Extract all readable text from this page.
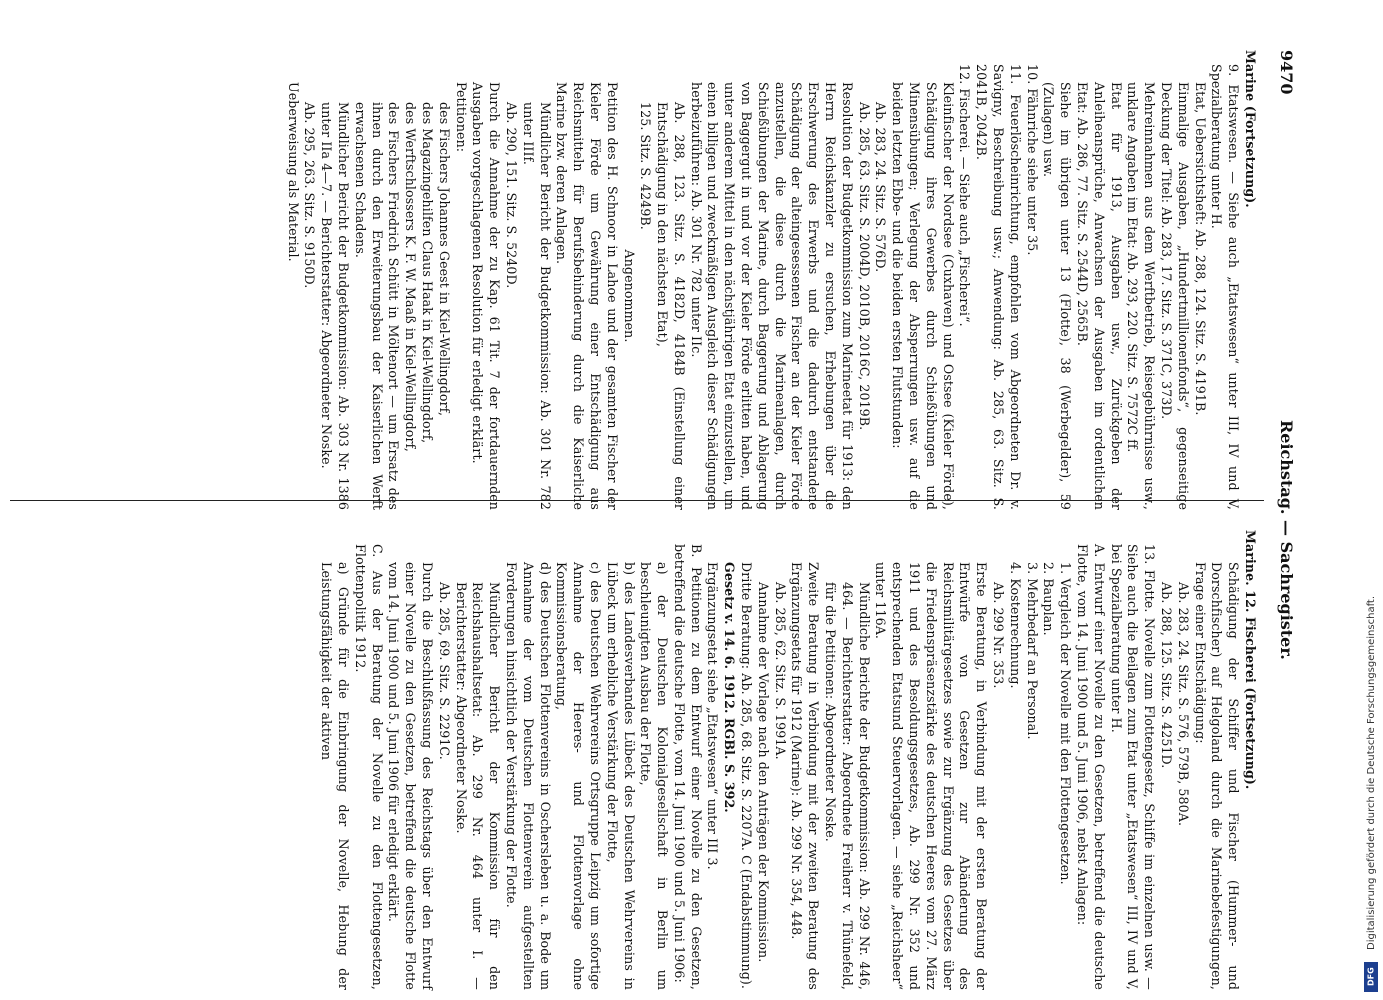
9470
Reichstag. — Sachregister.

Marine (Fortsetzung).

9. Etatswesen. — Siehe auch „Etatswesen“ unter III, IV und V, Spezialberatung unter H.

Etat, Uebersichtsheft: Ab. 288, 124. Sitz. S. 4191B.

Einmalige Ausgaben, „Hundertmillionenfonds“, gegenseitige Deckung der Titel: Ab. 283, 17. Sitz. S. 371C, 373D.

Mehreinnahmen aus dem Werftbetrieb, Reisegebührnisse usw., unklare Angaben im Etat: Ab. 293, 220. Sitz. S. 7572C ff.

Etat für 1913, Ausgaben usw., Zurückgeben der Anleiheansprüche, Anwachsen der Ausgaben im ordentlichen Etat: Ab. 286, 77. Sitz. S. 2544D, 2565B.

Siehe im übrigen unter 13 (Flotte), 38 (Werbegelder), 59 (Zulagen) usw.

10. Fähnriche siehe unter 35.

11. Feuerlöscheinrichtung, empfohlen vom Abgeordneten Dr. v. Savigny, Beschreibung usw.; Anwendung: Ab. 285, 63. Sitz. S. 2041B, 2042B.

12. Fischerei. — Siehe auch „Fischerei“.

Kleinfischer der Nordsee (Cuxhaven) und Ostsee (Kieler Förde), Schädigung ihres Gewerbes durch Schießübungen und Minensübungen; Verlegung der Absperrungen usw. auf die beiden letzten Ebbe- und die beiden ersten Flutstunden:

Ab. 283, 24. Sitz. S. 576D.

Ab. 285, 63. Sitz. S. 2004D, 2010B, 2016C, 2019B.

Resolution der Budgetkommission zum Marineetat für 1913: den Herrn Reichskanzler zu ersuchen, Erhebungen über die Erschwerung des Erwerbs und die dadurch entstandene Schädigung der alteingesessenen Fischer an der Kieler Förde anzustellen, die diese durch die Marineanlagen, durch Schießübungen der Marine, durch Baggerung und Ablagerung von Baggergut in und vor der Kieler Förde erlitten haben, und unter anderem Mittel in den nächstjährigen Etat einzustellen, um einen billigen und zweckmäßigen Ausgleich dieser Schädigungen herbeizuführen: Ab. 301 Nr. 782 unter IIc.

Ab. 288, 123. Sitz. S. 4182D, 4184B (Einstellung einer Entschädigung in den nächsten Etat),

125. Sitz. S. 4249B.

Angenommen.

Petition des H. Schnoor in Lahoe und der gesamten Fischer der Kieler Förde um Gewährung einer Entschädigung aus Reichsmitteln für Berufsbehinderung durch die Kaiserliche Marine bzw. deren Anlagen.

Mündlicher Bericht der Budgetkommission: Ab. 301 Nr. 782 unter IIIf.

Ab. 290, 151. Sitz. S. 5240D.

Durch die Annahme der zu Kap. 61 Tit. 7 der fortdauernden Ausgaben vorgeschlagenen Resolution für erledigt erklärt.

Petitionen:

des Fischers Johannes Geest in Kiel-Wellingdorf,

des Magazingehilfen Claus Haak in Kiel-Wellingdorf,

des Werftschlossers K. F. W. Maaß in Kiel-Wellingdorf,

des Fischers Friedrich Schütt in Möltenort — um Ersatz des ihnen durch den Erweiterungsbau der Kaiserlichen Werft erwachsenen Schadens.

Mündlicher Bericht der Budgetkommission: Ab. 303 Nr. 1386 unter IIa 4—7. — Berichterstatter: Abgeordneter Noske.

Ab. 295, 263. Sitz. S. 9150D.

Ueberweisung als Material.

Marine. 12. Fischerei (Fortsetzung).

Schädigung der Schiffer und Fischer (Hummer- und Dorschfischer) auf Helgoland durch die Marinebefestigungen, Frage einer Entschädigung:

Ab. 283, 24. Sitz. S. 576, 579B, 580A.

Ab. 288, 125. Sitz. S. 4251D.

13. Flotte. Novelle zum Flottengesetz, Schiffe im einzelnen usw. — Siehe auch die Beilagen zum Etat unter „Etatswesen“ III, IV und V, bei Spezialberatung unter H.

A. Entwurf einer Novelle zu den Gesetzen, betreffend die deutsche Flotte, vom 14. Juni 1900 und 5. Juni 1906, nebst Anlagen:

1. Vergleich der Novelle mit den Flottengesetzen.

2. Bauplan.

3. Mehrbedarf an Personal.

4. Kostenrechnung.

Ab. 299 Nr. 353.

Erste Beratung, in Verbindung mit der ersten Beratung der Entwürfe von Gesetzen zur Abänderung des Reichsmilitärgesetzes sowie zur Ergänzung des Gesetzes über die Friedenspräsenzstärke des deutschen Heeres vom 27. März 1911 und des Besoldungsgesetzes, Ab. 299 Nr. 352 und entsprechenden Etatsund Steuervorlagen. — siehe „Reichsheer“ unter 116A.

Mündliche Berichte der Budgetkommission: Ab. 299 Nr. 446, 464. — Berichterstatter: Abgeordnete Freiherr v. Thünefeld, für die Petitionen: Abgeordneter Noske.

Zweite Beratung in Verbindung mit der zweiten Beratung des Ergänzungsetats für 1912 (Marine): Ab. 299 Nr. 354, 448.

Ab. 285, 62. Sitz. S. 1991A.

Annahme der Vorlage nach den Anträgen der Kommission.

Dritte Beratung: Ab. 285, 68. Sitz. S. 2207A. C (Endabstimmung).

Gesetz v. 14. 6. 1912. RGBl. S. 392.

Ergänzungsetat siehe „Etatswesen“ unter III 3.

B. Petitionen zu dem Entwurf einer Novelle zu den Gesetzen, betreffend die deutsche Flotte, vom 14. Juni 1900 und 5. Juni 1906:

a) der Deutschen Kolonialgesellschaft in Berlin um beschleunigten Ausbau der Flotte,

b) des Landesverbandes Lübeck des Deutschen Wehrvereins in Lübeck um erhebliche Verstärkung der Flotte,

c) des Deutschen Wehrvereins Ortsgruppe Leipzig um sofortige Annahme der Heeres- und Flottenvorlage ohne Kommissionsberatung,

d) des Deutschen Flottenvereins in Oschersleben u. a. Bode um Annahme der vom Deutschen Flottenverein aufgestellten Forderungen hinsichtlich der Verstärkung der Flotte.

Mündlicher Bericht der Kommission für den Reichshaushaltsetat: Ab. 299 Nr. 464 unter I. — Berichterstatter: Abgeordneter Noske.

Ab. 285, 69. Sitz. S. 2291C.

Durch die Beschlußfassung des Reichstags über den Entwurf einer Novelle zu den Gesetzen, betreffend die deutsche Flotte vom 14. Juni 1900 und 5. Juni 1906 für erledigt erklärt.

C. Aus der Beratung der Novelle zu den Flottengesetzen, Flottenpolitik 1912.

a) Gründe für die Einbringung der Novelle, Hebung der Leistungsfähigkeit der aktiven	Digitalisierung gefördert durch die Deutsche Forschungsgemeinschaft.
DFG
